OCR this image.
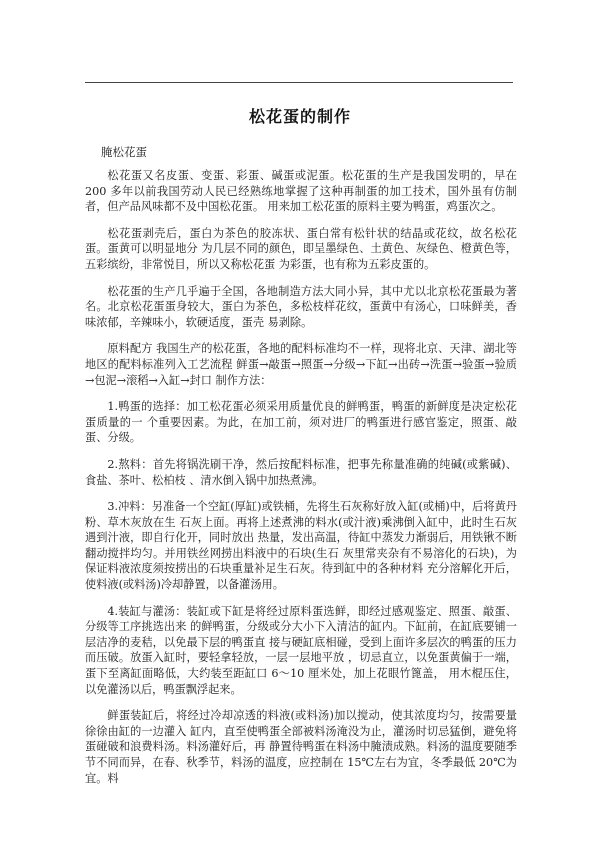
松花蛋的制作
腌松花蛋

松花蛋又名皮蛋、变蛋、彩蛋、碱蛋或泥蛋。松花蛋的生产是我国发明的，早在 200 多年以前我国劳动人民已经熟练地掌握了这种再制蛋的加工技术，国外虽有仿制者，但产品风味都不及中国松花蛋。 用来加工松花蛋的原料主要为鸭蛋，鸡蛋次之。

松花蛋剥壳后，蛋白为茶色的胶冻状、蛋白常有松针状的结晶或花纹，故名松花蛋。蛋黄可以明显地分 为几层不同的颜色，即呈墨绿色、土黄色、灰绿色、橙黄色等，五彩缤纷，非常悦目，所以又称松花蛋 为彩蛋，也有称为五彩皮蛋的。

松花蛋的生产几乎遍于全国，各地制造方法大同小异，其中尤以北京松花蛋最为著名。北京松花蛋蛋身较大，蛋白为茶色，多松枝样花纹，蛋黄中有汤心，口味鲜美，香味浓郁，辛辣味小，软硬适度，蛋壳 易剥除。

原料配方 我国生产的松花蛋，各地的配料标准均不一样，现将北京、天津、湖北等地区的配料标准列入工艺流程 鲜蛋→敲蛋→照蛋→分级→下缸→出砖→洗蛋→验蛋→验质→包泥→滚稻→入缸→封口 制作方法：

1.鸭蛋的选择：加工松花蛋必须采用质量优良的鲜鸭蛋，鸭蛋的新鲜度是决定松花蛋质量的一 个重要因素。为此，在加工前，须对进厂的鸭蛋进行感官鉴定，照蛋、敲蛋、分级。

2.熬料：首先将锅洗刷干净，然后按配料标准，把事先称量准确的纯碱(或紫碱)、食盐、茶叶、松柏枝 、清水倒入锅中加热煮沸。

3.冲料：另准备一个空缸(厚缸)或铁桶，先将生石灰称好放入缸(或桶)中，后将黄丹粉、草木灰放在生 石灰上面。再将上述煮沸的料水(或汁液)乘沸倒入缸中，此时生石灰遇到汁液，即自行化开，同时放出 热量，发出高温，待缸中蒸发力渐弱后，用铁锹不断翻动搅拌均匀。并用铁丝网捞出料液中的石块(生石 灰里常夹杂有不易溶化的石块)，为保证料液浓度须按捞出的石块重量补足生石灰。待到缸中的各种材料 充分溶解化开后，使料液(或料汤)冷却静置，以备灌汤用。

4.装缸与灌汤：装缸或下缸是将经过原料蛋选鲜，即经过感观鉴定、照蛋、敲蛋、分级等工序挑选出来 的鲜鸭蛋，分级或分大小下入清洁的缸内。下缸前，在缸底要铺一层洁净的麦秸，以免最下层的鸭蛋直 接与硬缸底相碰，受到上面许多层次的鸭蛋的压力而压破。放蛋入缸时，要轻拿轻放，一层一层地平放 ，切忌直立，以免蛋黄偏于一端，蛋下至离缸面略低，大约装至距缸口 6～10 厘米处，加上花眼竹篦盖， 用木棍压住，以免灌汤以后，鸭蛋飘浮起来。

鲜蛋装缸后，将经过冷却凉透的料液(或料汤)加以搅动，使其浓度均匀，按需要量徐徐由缸的一边灌入 缸内，直至使鸭蛋全部被料汤淹没为止，灌汤时切忌猛倒，避免将蛋碰破和浪费料汤。料汤灌好后，再 静置待鸭蛋在料汤中腌渍成熟。料汤的温度要随季节不同而异，在春、秋季节，料汤的温度，应控制在 15℃左右为宜，冬季最低 20℃为宜。料
